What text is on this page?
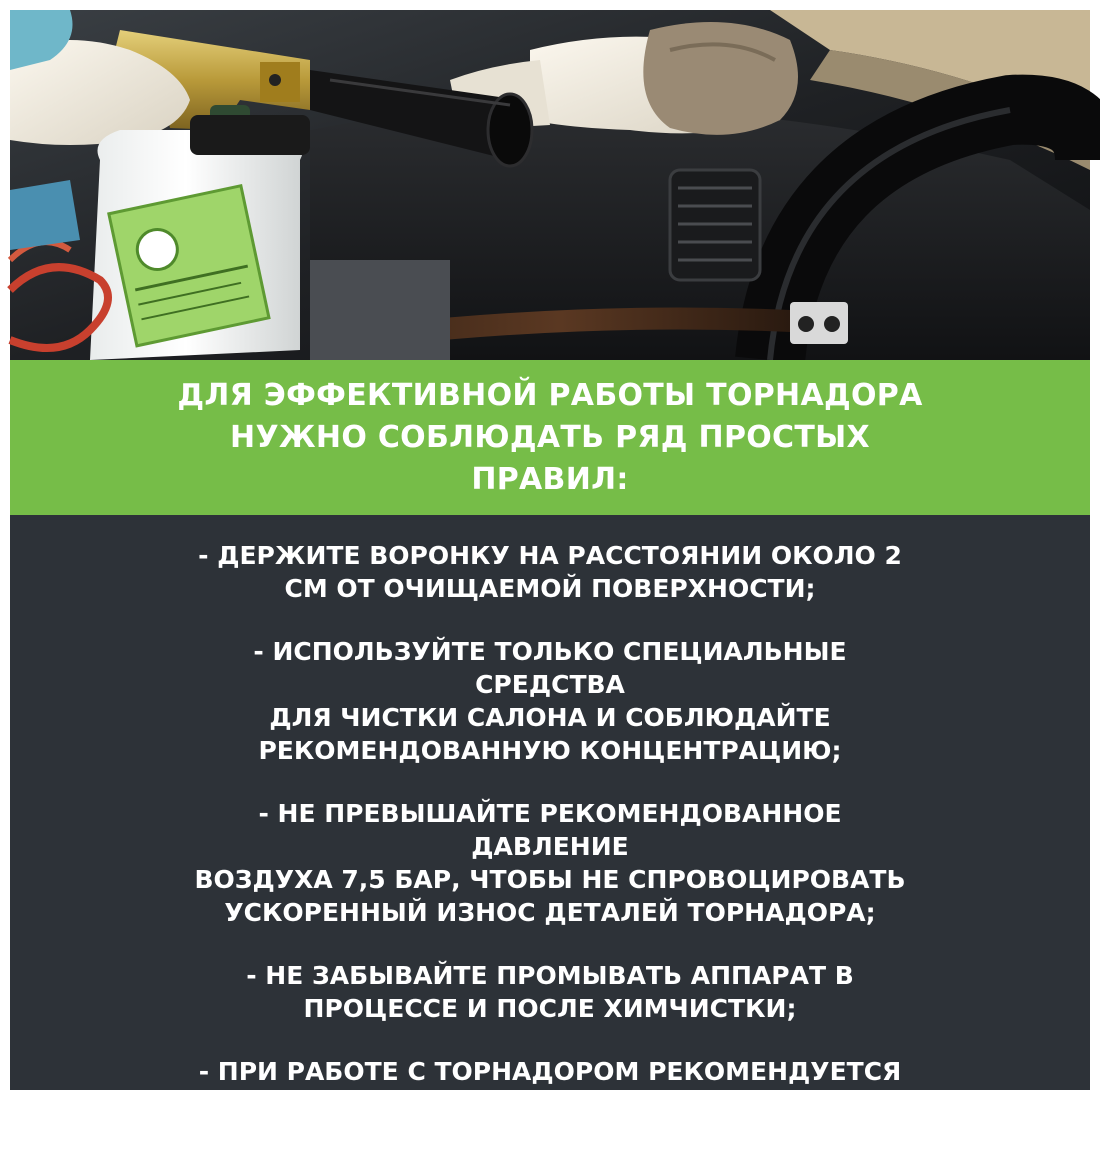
ДЛЯ ЭФФЕКТИВНОЙ РАБОТЫ ТОРНАДОРА
НУЖНО СОБЛЮДАТЬ РЯД ПРОСТЫХ
ПРАВИЛ:
- ДЕРЖИТЕ ВОРОНКУ НА РАССТОЯНИИ ОКОЛО 2
СМ ОТ ОЧИЩАЕМОЙ ПОВЕРХНОСТИ;
- ИСПОЛЬЗУЙТЕ ТОЛЬКО СПЕЦИАЛЬНЫЕ СРЕДСТВА
ДЛЯ ЧИСТКИ САЛОНА И СОБЛЮДАЙТЕ
РЕКОМЕНДОВАННУЮ КОНЦЕНТРАЦИЮ;
- НЕ ПРЕВЫШАЙТЕ РЕКОМЕНДОВАННОЕ ДАВЛЕНИЕ
ВОЗДУХА 7,5 БАР, ЧТОБЫ НЕ СПРОВОЦИРОВАТЬ
УСКОРЕННЫЙ ИЗНОС ДЕТАЛЕЙ ТОРНАДОРА;
- НЕ ЗАБЫВАЙТЕ ПРОМЫВАТЬ АППАРАТ В
ПРОЦЕССЕ И ПОСЛЕ ХИМЧИСТКИ;
- ПРИ РАБОТЕ С ТОРНАДОРОМ РЕКОМЕНДУЕТСЯ
ИСПОЛЬЗОВАТЬ СРЕДСТВА ЗАЩИТЫ: ОЧКИ,
РЕСПИРАТОР И ПЕРЧАТКИ
